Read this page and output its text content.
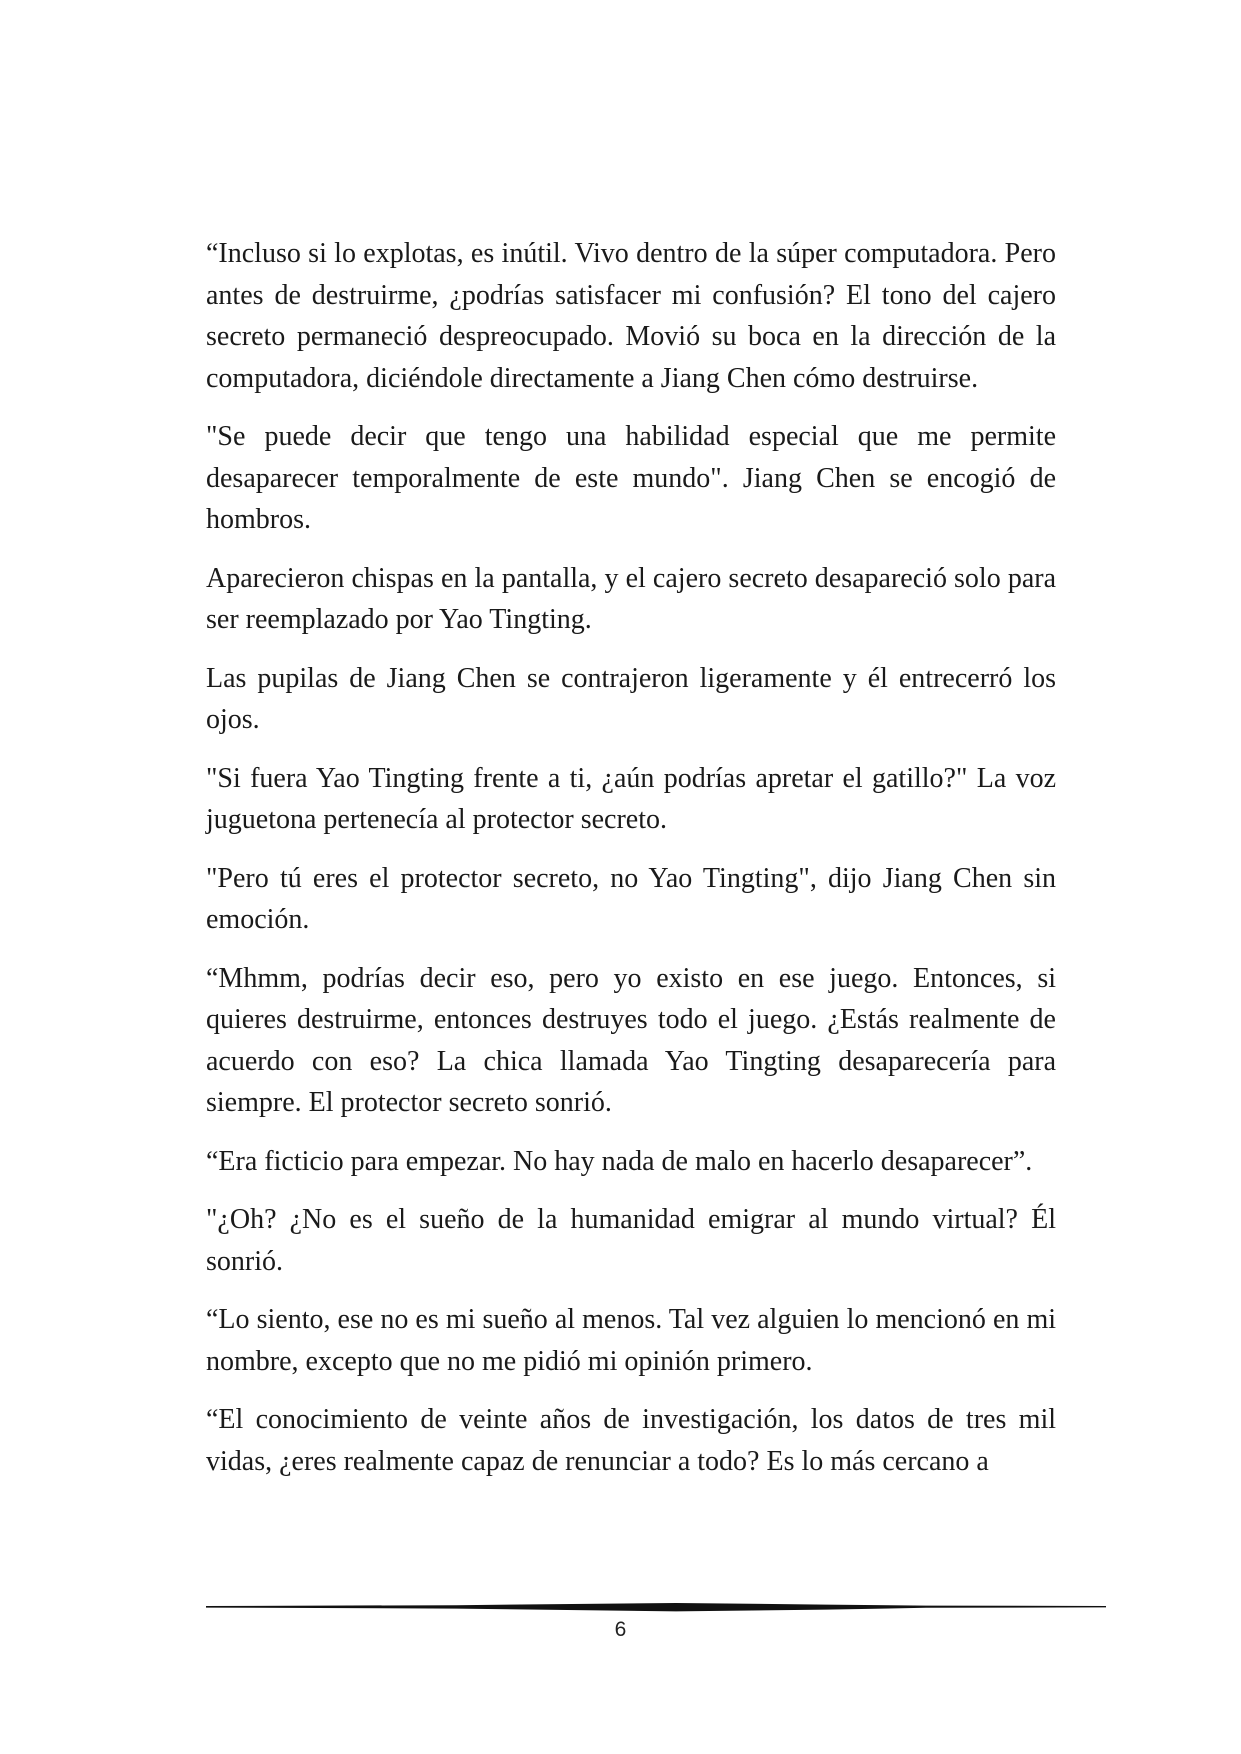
“Incluso si lo explotas, es inútil. Vivo dentro de la súper computadora. Pero antes de destruirme, ¿podrías satisfacer mi confusión? El tono del cajero secreto permaneció despreocupado. Movió su boca en la dirección de la computadora, diciéndole directamente a Jiang Chen cómo destruirse.

"Se puede decir que tengo una habilidad especial que me permite desaparecer temporalmente de este mundo". Jiang Chen se encogió de hombros.

Aparecieron chispas en la pantalla, y el cajero secreto desapareció solo para ser reemplazado por Yao Tingting.

Las pupilas de Jiang Chen se contrajeron ligeramente y él entrecerró los ojos.

"Si fuera Yao Tingting frente a ti, ¿aún podrías apretar el gatillo?" La voz juguetona pertenecía al protector secreto.

"Pero tú eres el protector secreto, no Yao Tingting", dijo Jiang Chen sin emoción.

“Mhmm, podrías decir eso, pero yo existo en ese juego. Entonces, si quieres destruirme, entonces destruyes todo el juego. ¿Estás realmente de acuerdo con eso? La chica llamada Yao Tingting desaparecería para siempre. El protector secreto sonrió.

“Era ficticio para empezar. No hay nada de malo en hacerlo desaparecer”.

"¿Oh? ¿No es el sueño de la humanidad emigrar al mundo virtual? Él sonrió.

“Lo siento, ese no es mi sueño al menos. Tal vez alguien lo mencionó en mi nombre, excepto que no me pidió mi opinión primero.

“El conocimiento de veinte años de investigación, los datos de tres mil vidas, ¿eres realmente capaz de renunciar a todo? Es lo más cercano a

6
